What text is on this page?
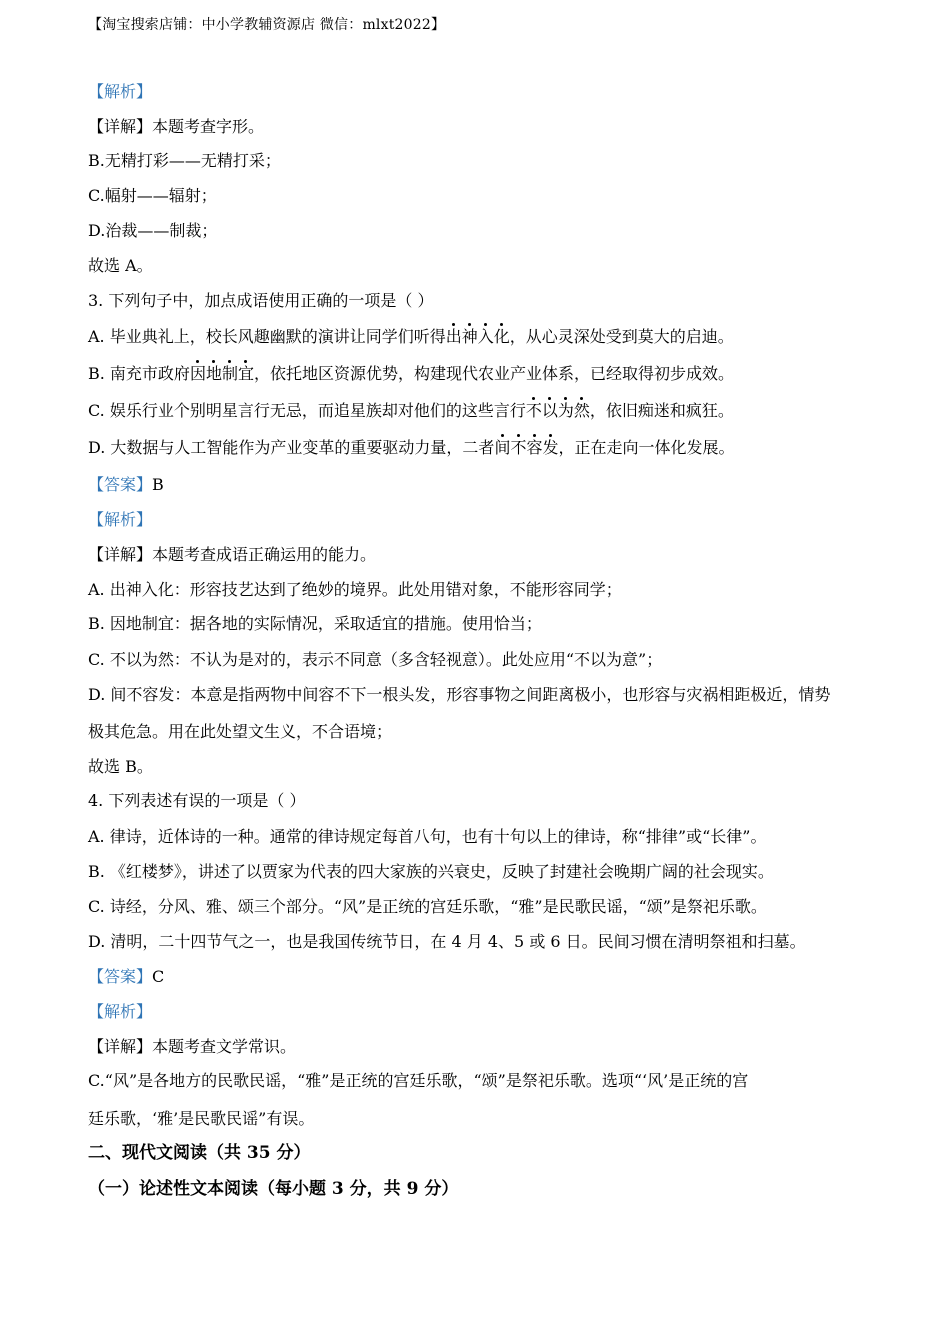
【淘宝搜索店铺：中小学教辅资源店 微信：mlxt2022】
【解析】
【详解】本题考查字形。
B.无精打彩——无精打采；
C.幅射——辐射；
D.治裁——制裁；
故选 A。
3. 下列句子中，加点成语使用正确的一项是（ ）
A. 毕业典礼上，校长风趣幽默的演讲让同学们听得出神入化，从心灵深处受到莫大的启迪。
B. 南充市政府因地制宜，依托地区资源优势，构建现代农业产业体系，已经取得初步成效。
C. 娱乐行业个别明星言行无忌，而追星族却对他们的这些言行不以为然，依旧痴迷和疯狂。
D. 大数据与人工智能作为产业变革的重要驱动力量，二者间不容发，正在走向一体化发展。
【答案】B
【解析】
【详解】本题考查成语正确运用的能力。
A. 出神入化：形容技艺达到了绝妙的境界。此处用错对象，不能形容同学；
B. 因地制宜：据各地的实际情况，采取适宜的措施。使用恰当；
C. 不以为然：不认为是对的，表示不同意（多含轻视意）。此处应用“不以为意”；
D. 间不容发：本意是指两物中间容不下一根头发，形容事物之间距离极小，也形容与灾祸相距极近，情势
极其危急。用在此处望文生义，不合语境；
故选 B。
4. 下列表述有误的一项是（ ）
A. 律诗，近体诗的一种。通常的律诗规定每首八句，也有十句以上的律诗，称“排律”或“长律”。
B. 《红楼梦》，讲述了以贾家为代表的四大家族的兴衰史，反映了封建社会晚期广阔的社会现实。
C. 诗经，分风、雅、颂三个部分。“风”是正统的宫廷乐歌，“雅”是民歌民谣，“颂”是祭祀乐歌。
D. 清明，二十四节气之一，也是我国传统节日，在 4 月 4、5 或 6 日。民间习惯在清明祭祖和扫墓。
【答案】C
【解析】
【详解】本题考查文学常识。
C.“风”是各地方的民歌民谣，“雅”是正统的宫廷乐歌，“颂”是祭祀乐歌。选项“‘风’是正统的宫
廷乐歌，‘雅’是民歌民谣”有误。
二、现代文阅读（共 35 分）
（一）论述性文本阅读（每小题 3 分，共 9 分）
